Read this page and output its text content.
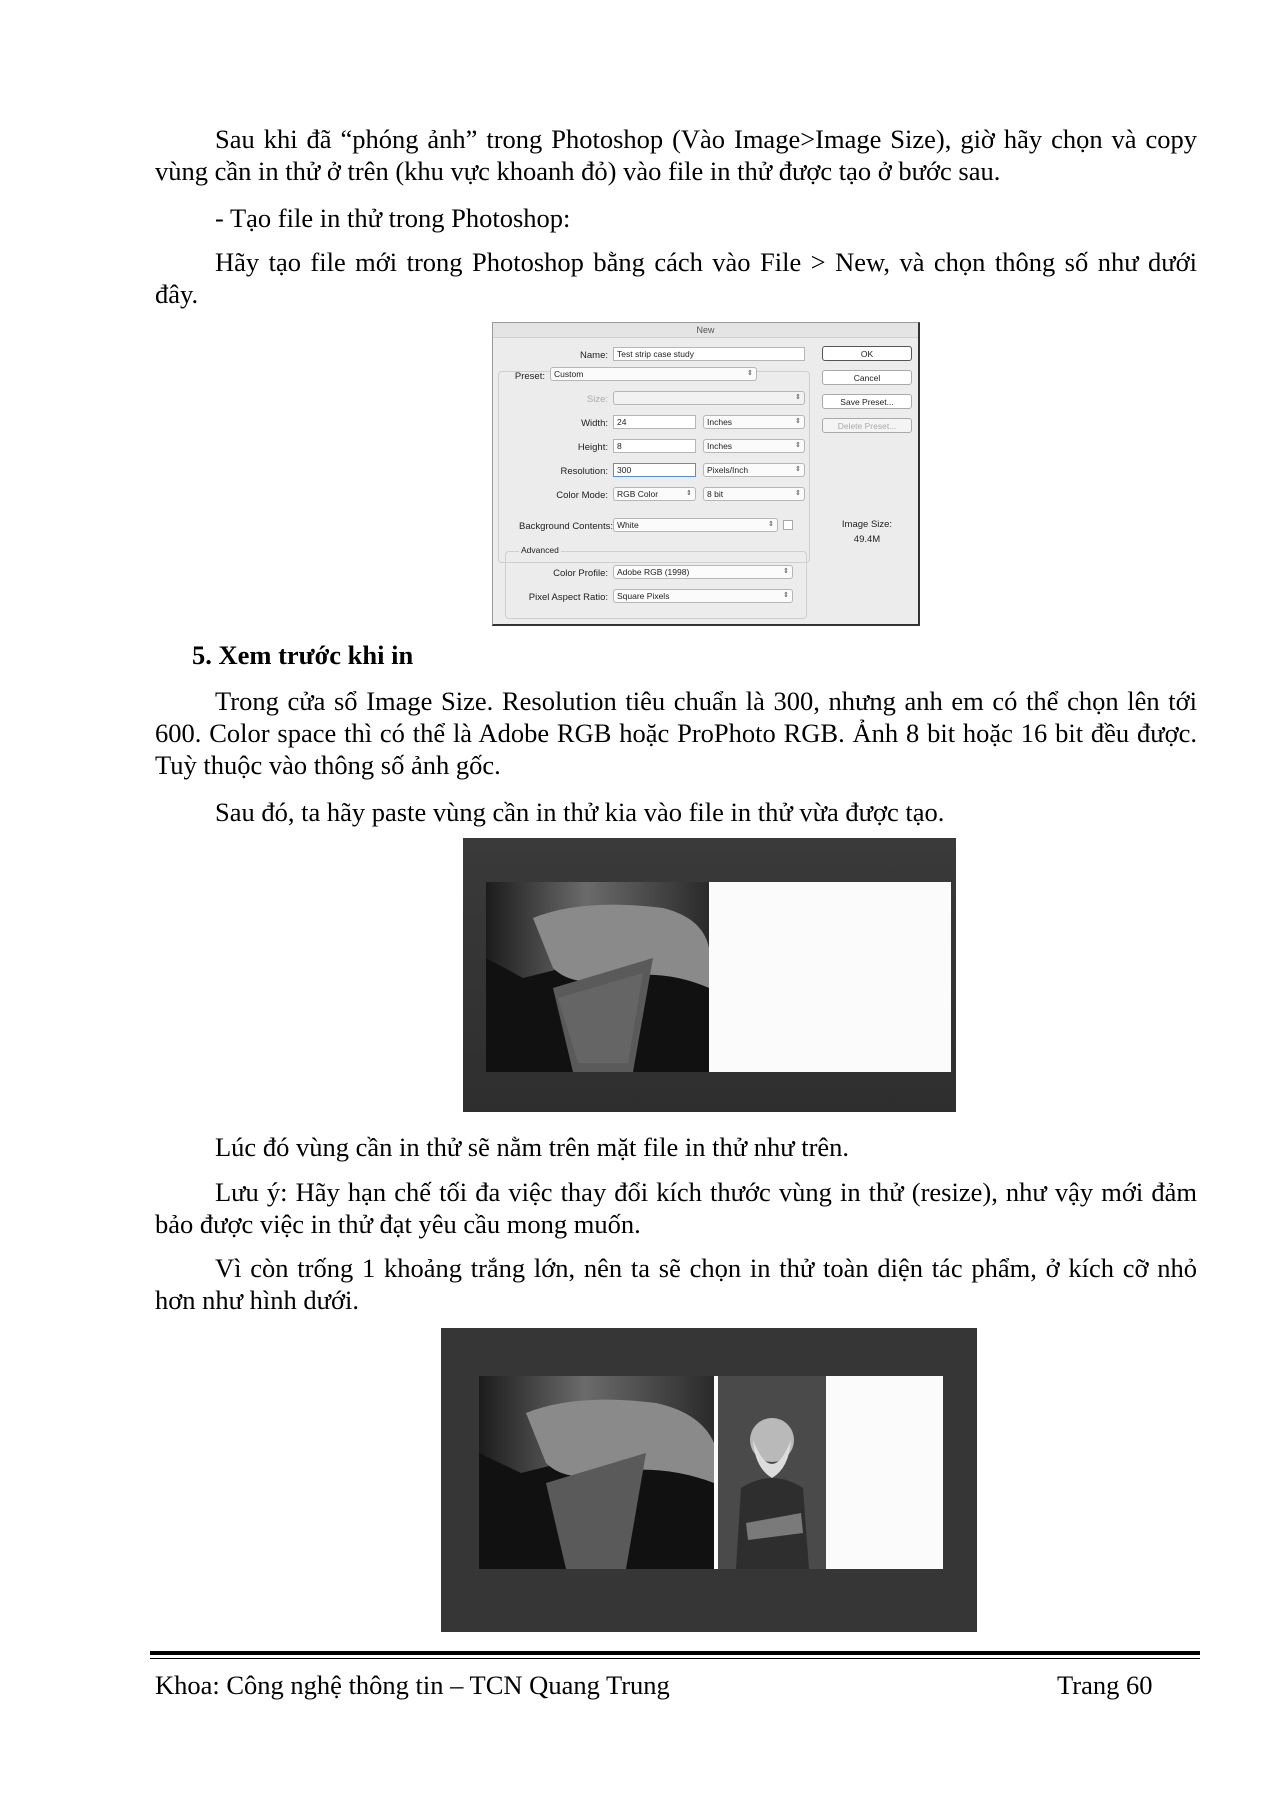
Sau khi đã “phóng ảnh” trong Photoshop (Vào Image>Image Size), giờ hãy chọn và copy vùng cần in thử ở trên (khu vực khoanh đỏ) vào file in thử được tạo ở bước sau.

- Tạo file in thử trong Photoshop:

Hãy tạo file mới trong Photoshop bằng cách vào File > New, và chọn thông số như dưới đây.

New
Name:	Test strip case study
Preset:	Custom	⇕
Size:	⇕
Width:	24	Inches	⇕
Height:	8	Inches	⇕
Resolution:	300	Pixels/Inch	⇕
Color Mode:	RGB Color	⇕	8 bit	⇕
Background Contents: White	⇕
Advanced
Color Profile:	Adobe RGB (1998)	⇕
Pixel Aspect Ratio:	Square Pixels	⇕
OK
Cancel
Save Preset...
Delete Preset...
Image Size:
49.4M

5. Xem trước khi in

Trong cửa sổ Image Size. Resolution tiêu chuẩn là 300, nhưng anh em có thể chọn lên tới 600. Color space thì có thể là Adobe RGB hoặc ProPhoto RGB. Ảnh 8 bit hoặc 16 bit đều được. Tuỳ thuộc vào thông số ảnh gốc.

Sau đó, ta hãy paste vùng cần in thử kia vào file in thử vừa được tạo.

Lúc đó vùng cần in thử sẽ nằm trên mặt file in thử như trên.

Lưu ý: Hãy hạn chế tối đa việc thay đổi kích thước vùng in thử (resize), như vậy mới đảm bảo được việc in thử đạt yêu cầu mong muốn.

Vì còn trống 1 khoảng trắng lớn, nên ta sẽ chọn in thử toàn diện tác phẩm, ở kích cỡ nhỏ hơn như hình dưới.

Khoa: Công nghệ thông tin – TCN Quang Trung	Trang 60
